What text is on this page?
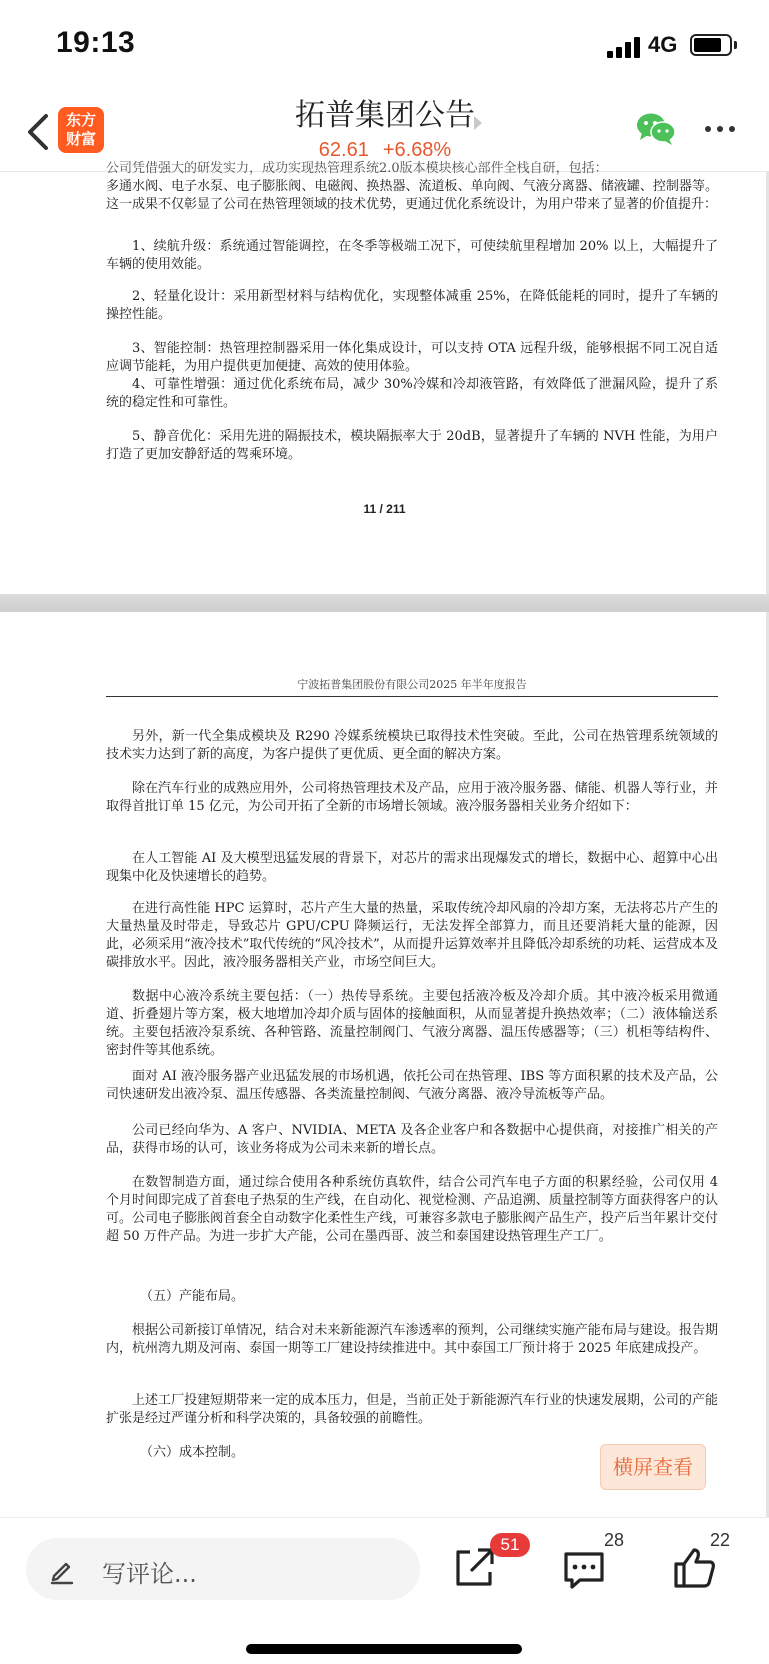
19:13	4G
东方
财富
拓普集团公告
62.61 +6.68%
公司凭借强大的研发实力，成功实现热管理系统2.0版本模块核心部件全栈自研，包括：
多通水阀、电子水泵、电子膨胀阀、电磁阀、换热器、流道板、单向阀、气液分离器、储液罐、控制器等。这一成果不仅彰显了公司在热管理领域的技术优势，更通过优化系统设计，为用户带来了显著的价值提升：
1、续航升级：系统通过智能调控，在冬季等极端工况下，可使续航里程增加 20% 以上，大幅提升了车辆的使用效能。
2、轻量化设计：采用新型材料与结构优化，实现整体减重 25%，在降低能耗的同时，提升了车辆的操控性能。
3、智能控制：热管理控制器采用一体化集成设计，可以支持 OTA 远程升级，能够根据不同工况自适应调节能耗，为用户提供更加便捷、高效的使用体验。
4、可靠性增强：通过优化系统布局，减少 30%冷媒和冷却液管路，有效降低了泄漏风险，提升了系统的稳定性和可靠性。
5、静音优化：采用先进的隔振技术，模块隔振率大于 20dB，显著提升了车辆的 NVH 性能，为用户打造了更加安静舒适的驾乘环境。
11 / 211
宁波拓普集团股份有限公司2025 年半年度报告
另外，新一代全集成模块及 R290 冷媒系统模块已取得技术性突破。至此，公司在热管理系统领域的技术实力达到了新的高度，为客户提供了更优质、更全面的解决方案。
除在汽车行业的成熟应用外，公司将热管理技术及产品，应用于液冷服务器、储能、机器人等行业，并取得首批订单 15 亿元，为公司开拓了全新的市场增长领域。液冷服务器相关业务介绍如下：
在人工智能 AI 及大模型迅猛发展的背景下，对芯片的需求出现爆发式的增长，数据中心、超算中心出现集中化及快速增长的趋势。
在进行高性能 HPC 运算时，芯片产生大量的热量，采取传统冷却风扇的冷却方案，无法将芯片产生的大量热量及时带走，导致芯片 GPU/CPU 降频运行，无法发挥全部算力，而且还要消耗大量的能源，因此，必须采用“液冷技术”取代传统的“风冷技术”，从而提升运算效率并且降低冷却系统的功耗、运营成本及碳排放水平。因此，液冷服务器相关产业，市场空间巨大。
数据中心液冷系统主要包括：（一）热传导系统。主要包括液冷板及冷却介质。其中液冷板采用微通道、折叠翅片等方案，极大地增加冷却介质与固体的接触面积，从而显著提升换热效率；（二）液体输送系统。主要包括液冷泵系统、各种管路、流量控制阀门、气液分离器、温压传感器等；（三）机柜等结构件、密封件等其他系统。
面对 AI 液冷服务器产业迅猛发展的市场机遇，依托公司在热管理、IBS 等方面积累的技术及产品，公司快速研发出液冷泵、温压传感器、各类流量控制阀、气液分离器、液冷导流板等产品。
公司已经向华为、A 客户、NVIDIA、META 及各企业客户和各数据中心提供商，对接推广相关的产品，获得市场的认可，该业务将成为公司未来新的增长点。
在数智制造方面，通过综合使用各种系统仿真软件，结合公司汽车电子方面的积累经验，公司仅用 4 个月时间即完成了首套电子热泵的生产线，在自动化、视觉检测、产品追溯、质量控制等方面获得客户的认可。公司电子膨胀阀首套全自动数字化柔性生产线，可兼容多款电子膨胀阀产品生产，投产后当年累计交付超 50 万件产品。为进一步扩大产能，公司在墨西哥、波兰和泰国建设热管理生产工厂。
（五）产能布局。
根据公司新接订单情况，结合对未来新能源汽车渗透率的预判，公司继续实施产能布局与建设。报告期内，杭州湾九期及河南、泰国一期等工厂建设持续推进中。其中泰国工厂预计将于 2025 年底建成投产。
上述工厂投建短期带来一定的成本压力，但是，当前正处于新能源汽车行业的快速发展期，公司的产能扩张是经过严谨分析和科学决策的，具备较强的前瞻性。
（六）成本控制。
横屏查看
写评论...
51	28	22
